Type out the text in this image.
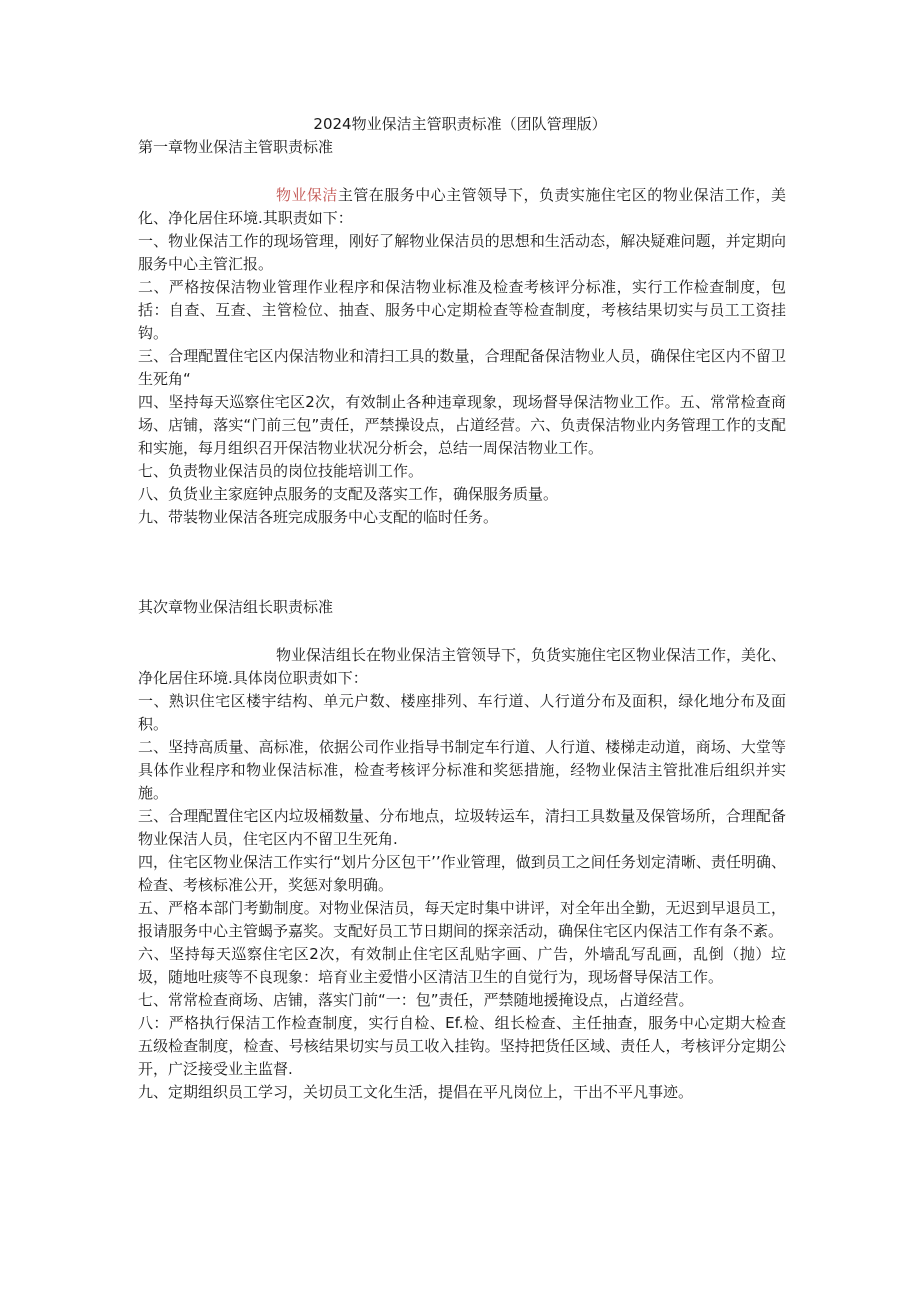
2024物业保洁主管职责标准（团队管理版）
第一章物业保洁主管职责标准

物业保洁主管在服务中心主管领导下，负责实施住宅区的物业保洁工作，美化、净化居住环境.其职责如下：

一、物业保洁工作的现场管理，刚好了解物业保洁员的思想和生活动态，解决疑难问题，并定期向服务中心主管汇报。

二、严格按保洁物业管理作业程序和保洁物业标准及检查考核评分标准，实行工作检查制度，包括：自查、互查、主管检位、抽查、服务中心定期检查等检查制度，考核结果切实与员工工资挂钩。

三、合理配置住宅区内保洁物业和清扫工具的数量，合理配备保洁物业人员，确保住宅区内不留卫生死角“

四、坚持每天巡察住宅区2次，有效制止各种违章现象，现场督导保洁物业工作。五、常常检查商场、店铺，落实“门前三包”责任，严禁操设点，占道经营。六、负责保洁物业内务管理工作的支配和实施，每月组织召开保洁物业状况分析会，总结一周保洁物业工作。

七、负责物业保洁员的岗位技能培训工作。

八、负货业主家庭钟点服务的支配及落实工作，确保服务质量。

九、带装物业保洁各班完成服务中心支配的临时任务。

其次章物业保洁组长职责标准

物业保洁组长在物业保洁主管领导下，负货实施住宅区物业保洁工作，美化、净化居住环境.具体岗位职责如下：

一、熟识住宅区楼宇结构、单元户数、楼座排列、车行道、人行道分布及面积，绿化地分布及面积。

二、坚持高质量、高标准，依据公司作业指导书制定车行道、人行道、楼梯走动道，商场、大堂等具体作业程序和物业保洁标准，检查考核评分标准和奖惩措施，经物业保洁主管批准后组织并实施。

三、合理配置住宅区内垃圾桶数量、分布地点，垃圾转运车，清扫工具数量及保管场所，合理配备物业保洁人员，住宅区内不留卫生死角.

四，住宅区物业保洁工作实行“划片分区包干’’作业管理，做到员工之间任务划定清晰、责任明确、检查、考核标准公开，奖惩对象明确。

五、严格本部门考勤制度。对物业保洁员，每天定时集中讲评，对全年出全勤，无迟到早退员工，报请服务中心主管蝎予嘉奖。支配好员工节日期间的探亲活动，确保住宅区内保洁工作有条不紊。

六、坚持每天巡察住宅区2次，有效制止住宅区乱贴字画、广告，外墙乱写乱画，乱倒（抛）垃圾，随地吐痰等不良现象：培育业主爱惜小区清洁卫生的自觉行为，现场督导保洁工作。

七、常常检查商场、店铺，落实门前“一：包”责任，严禁随地援掩设点，占道经营。

八：严格执行保洁工作检查制度，实行自检、Ef.检、组长检查、主任抽查，服务中心定期大检查五级检查制度，检查、号核结果切实与员工收入挂钩。坚持把货任区域、责任人，考核评分定期公开，广泛接受业主监督.

九、定期组织员工学习，关切员工文化生活，提倡在平凡岗位上，干出不平凡事迹。
